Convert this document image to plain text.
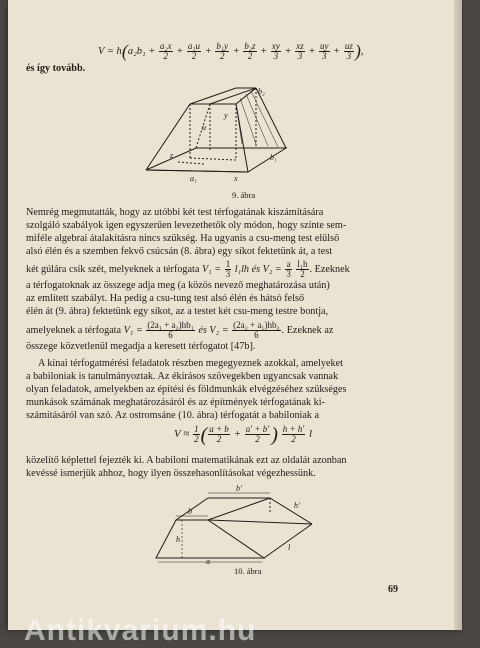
$V = h(a_2b_1 + \frac{\text{a₂x}}{2} + \frac{\text{a₁u}}{2} + \frac{\text{b₁y}}{2} + \frac{\text{b₂z}}{2} + \frac{xy}{3} + \frac{xz}{3} + \frac{uy}{3} + \frac{uz}{3}$ ),
és így tovább.
b₂
y
u
b₁
z
a₁	x
9. ábra
Nemrég megmutatták, hogy az utóbbi két test térfogatának kiszámítására
szolgáló szabályok igen egyszerűen levezethetők oly módon, hogy szinte sem-
miféle algebrai átalakításra nincs szükség. Ha ugyanis a csu-meng test elülső
alsó élén és a szemben fekvő csúcsán (8. ábra) egy síkot fektetünk át, a test
két gúlára csík szét, melyeknek a térfogata $V_1 = \frac{1}{3} l_1lh$ és $V_2 = \frac{a}{3}$
$\frac{\text{l₁h}}{2}$ . Ezeknek
a térfogatoknak az összege adja meg (a közös nevező meghatározása után)
az említett szabályt. Ha pedig a csu-tung test alsó élén és hátsó felső
élén át (9. ábra) fektetünk egy síkot, az a testet két csu-meng testre bontja,
amelyeknek a térfogata $V_1 = \frac{\text{(2a₁ + a₂)hb₁}}{6}$ és $V_2 = \frac{\text{(2a₂ + a₁)hb₂}}{6}$ . Ezeknek az
összege közvetlenül megadja a keresett térfogatot [47b].
A kínai térfogatmérési feladatok részben megegyeznek azokkal, amelyeket
a babiloniak is tanulmányoztak. Az ékírásos szövegekben ugyancsak vannak
olyan feladatok, amelyekben az építési és földmunkák elvégzéséhez szükséges
munkások számának meghatározásáról és az építmények térfogatának ki-
számításáról van szó. Az ostromsáne (10. ábra) térfogatát a babiloniak a
$V \approx \frac{1}{2}$ ( $\frac{a + b}{2} + \frac{a' + b'}{2}$ ) $\frac{h + h'}{2}$ l
közelítő képlettel fejezték ki. A babiloni matematikának ezt az oldalát azonban
kevéssé ismerjük ahhoz, hogy ilyen összehasonlításokat végezhessünk.
b′
h′
b
h
a
l
10. ábra
69
Antikvarium.hu
